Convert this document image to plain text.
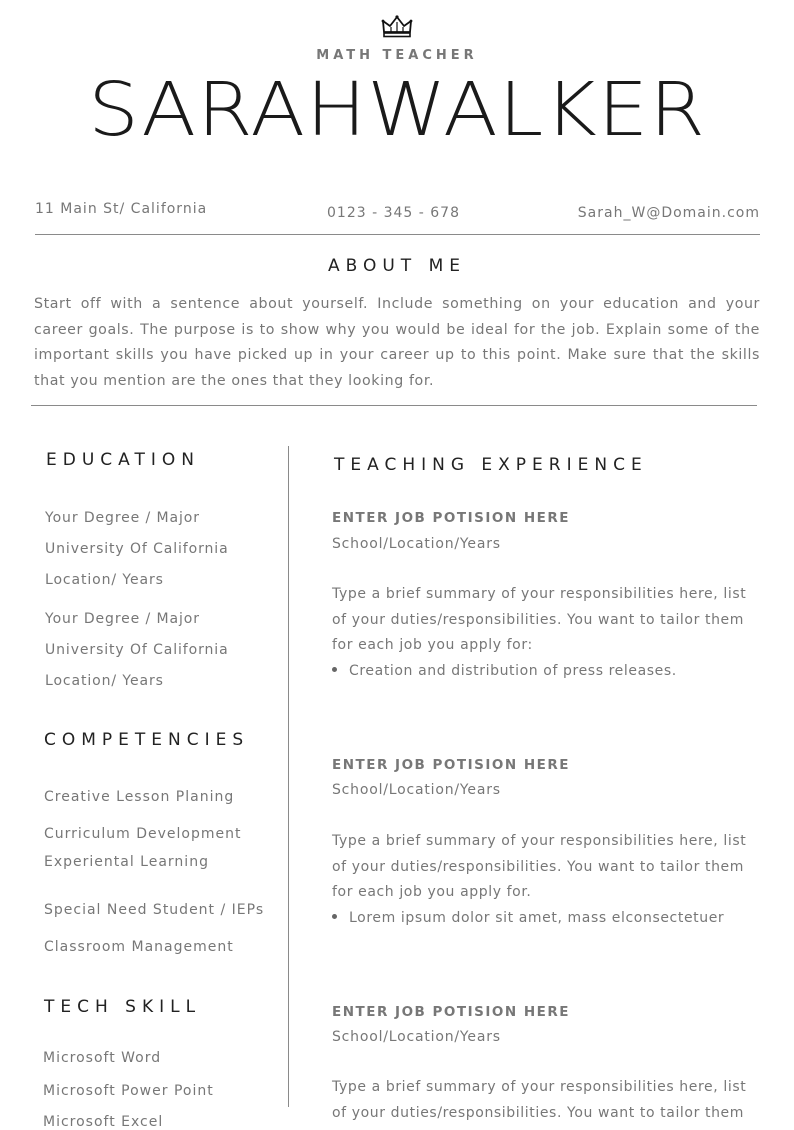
MATH TEACHER
SARAHWALKER
11 Main St/ California	0123 - 345 - 678	Sarah_W@Domain.com
ABOUT ME
Start off with a sentence about yourself. Include something on your education and your career goals. The purpose is to show why you would be ideal for the job. Explain some of the important skills you have picked up in your career up to this point. Make sure that the skills that you mention are the ones that they looking for.
EDUCATION
Your Degree / Major
University Of California
Location/ Years
Your Degree / Major
University Of California
Location/ Years
COMPETENCIES
Creative Lesson Planing
Curriculum Development
Experiental Learning
Special Need Student / IEPs
Classroom Management
TECH SKILL
Microsoft Word
Microsoft Power Point
Microsoft Excel
TEACHING EXPERIENCE
ENTER JOB POTISION HERE
School/Location/Years
Type a brief summary of your responsibilities here, list of your duties/responsibilities. You want to tailor them for each job you apply for:
Creation and distribution of press releases.
ENTER JOB POTISION HERE
School/Location/Years
Type a brief summary of your responsibilities here, list of your duties/responsibilities. You want to tailor them for each job you apply for.
Lorem ipsum dolor sit amet, mass elconsectetuer
ENTER JOB POTISION HERE
School/Location/Years
Type a brief summary of your responsibilities here, list of your duties/responsibilities. You want to tailor them
